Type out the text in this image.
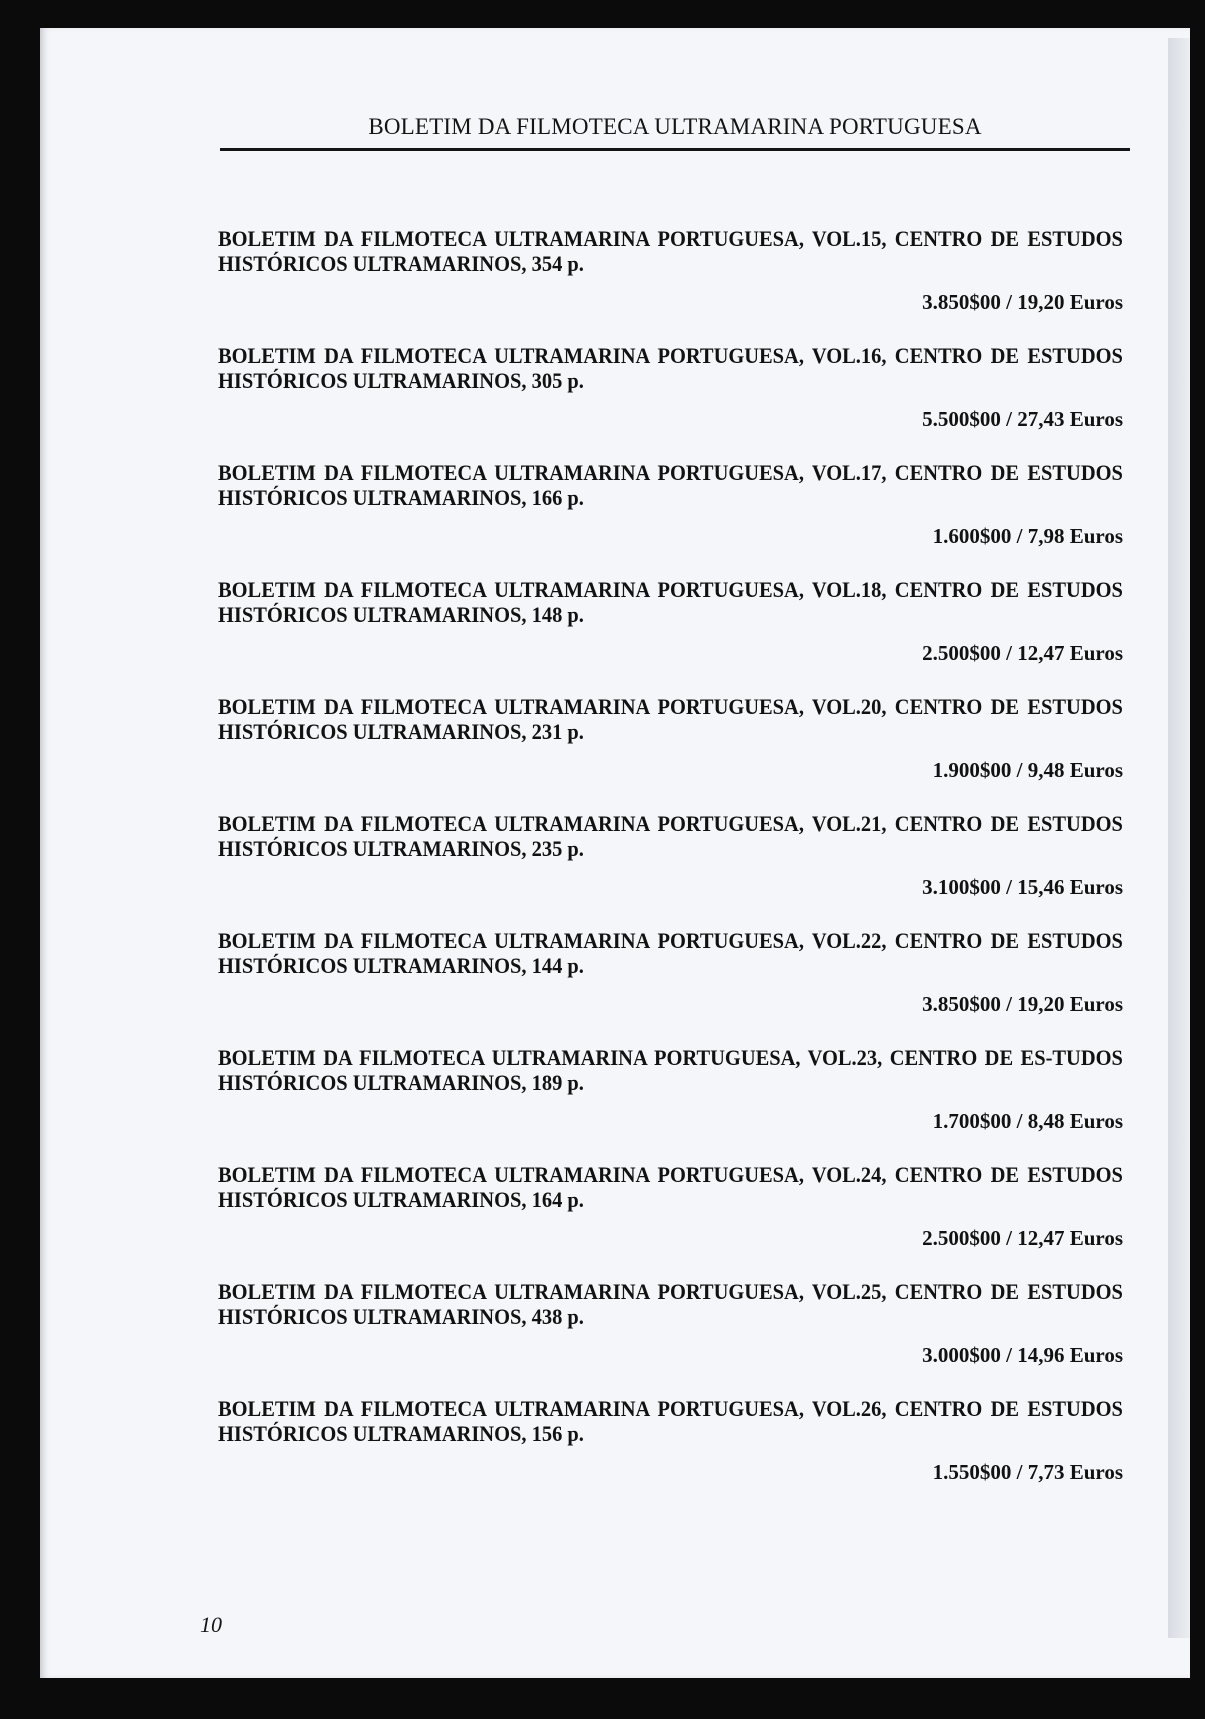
BOLETIM DA FILMOTECA ULTRAMARINA PORTUGUESA
BOLETIM DA FILMOTECA ULTRAMARINA PORTUGUESA, VOL.15, CENTRO DE ESTUDOS HISTÓRICOS ULTRAMARINOS, 354 p.
3.850$00 / 19,20 Euros
BOLETIM DA FILMOTECA ULTRAMARINA PORTUGUESA, VOL.16, CENTRO DE ESTUDOS HISTÓRICOS ULTRAMARINOS, 305 p.
5.500$00 / 27,43 Euros
BOLETIM DA FILMOTECA ULTRAMARINA PORTUGUESA, VOL.17, CENTRO DE ESTUDOS HISTÓRICOS ULTRAMARINOS, 166 p.
1.600$00 / 7,98 Euros
BOLETIM DA FILMOTECA ULTRAMARINA PORTUGUESA, VOL.18, CENTRO DE ESTUDOS HISTÓRICOS ULTRAMARINOS, 148 p.
2.500$00 / 12,47 Euros
BOLETIM DA FILMOTECA ULTRAMARINA PORTUGUESA, VOL.20, CENTRO DE ESTUDOS HISTÓRICOS ULTRAMARINOS, 231 p.
1.900$00 / 9,48 Euros
BOLETIM DA FILMOTECA ULTRAMARINA PORTUGUESA, VOL.21, CENTRO DE ESTUDOS HISTÓRICOS ULTRAMARINOS, 235 p.
3.100$00 / 15,46 Euros
BOLETIM DA FILMOTECA ULTRAMARINA PORTUGUESA, VOL.22, CENTRO DE ESTUDOS HISTÓRICOS ULTRAMARINOS, 144 p.
3.850$00 / 19,20 Euros
BOLETIM DA FILMOTECA ULTRAMARINA PORTUGUESA, VOL.23, CENTRO DE ES-TUDOS HISTÓRICOS ULTRAMARINOS, 189 p.
1.700$00 / 8,48 Euros
BOLETIM DA FILMOTECA ULTRAMARINA PORTUGUESA, VOL.24, CENTRO DE ESTUDOS HISTÓRICOS ULTRAMARINOS, 164 p.
2.500$00 / 12,47 Euros
BOLETIM DA FILMOTECA ULTRAMARINA PORTUGUESA, VOL.25, CENTRO DE ESTUDOS HISTÓRICOS ULTRAMARINOS, 438 p.
3.000$00 / 14,96 Euros
BOLETIM DA FILMOTECA ULTRAMARINA PORTUGUESA, VOL.26, CENTRO DE ESTUDOS HISTÓRICOS ULTRAMARINOS, 156 p.
1.550$00 / 7,73 Euros
10
